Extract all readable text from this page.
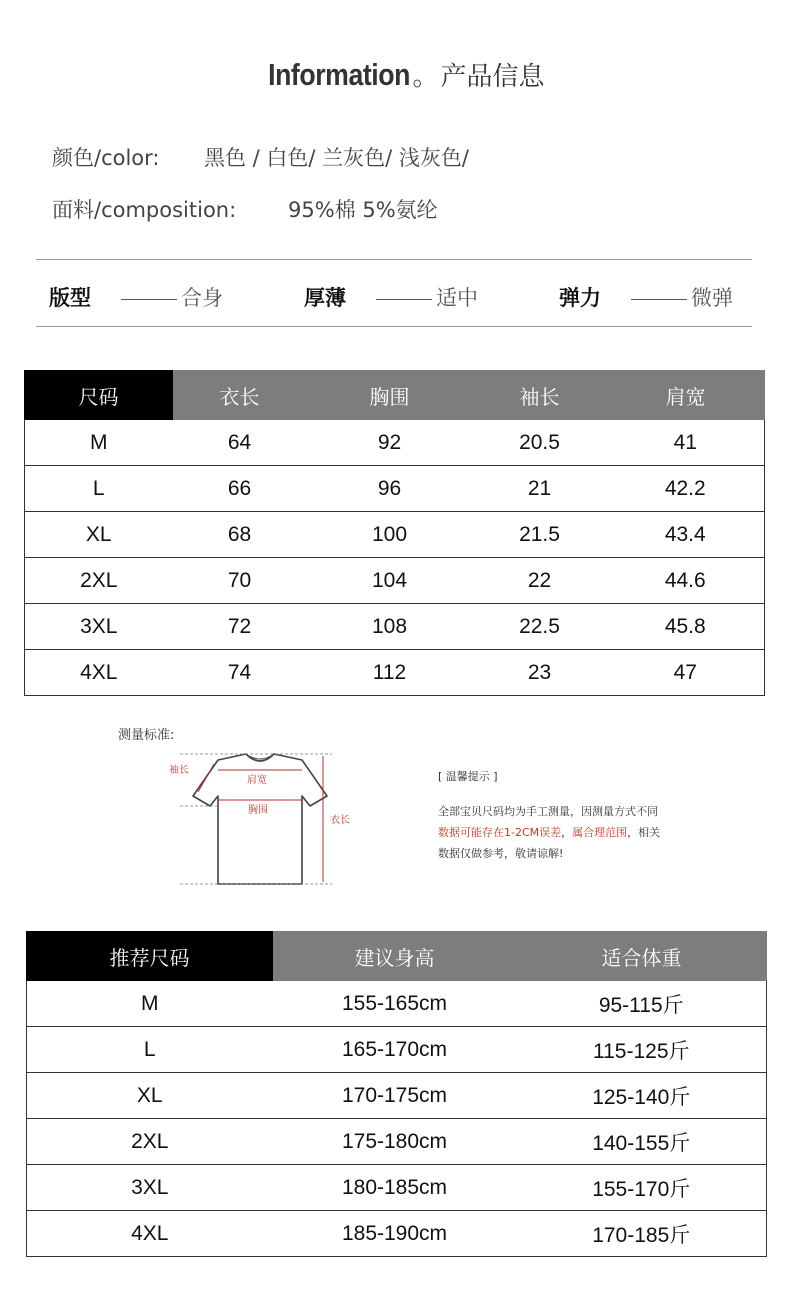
Information。产品信息
颜色/color: 黑色 / 白色/ 兰灰色/ 浅灰色/
面料/composition: 95%棉 5%氨纶
版型	合身	厚薄	适中	弹力	微弹
尺码	衣长	胸围	袖长	肩宽
M	64	92	20.5	41
L	66	96	21	42.2
XL	68	100	21.5	43.4
2XL	70	104	22	44.6
3XL	72	108	22.5	45.8
4XL	74	112	23	47
测量标准:
肩宽
胸围
袖长
衣长
[ 温馨提示 ]
全部宝贝尺码均为手工测量，因测量方式不同
数据可能存在1-2CM误差，属合理范围，相关
数据仅做参考，敬请谅解!
推荐尺码	建议身高	适合体重
M	155-165cm	95-115斤
L	165-170cm	115-125斤
XL	170-175cm	125-140斤
2XL	175-180cm	140-155斤
3XL	180-185cm	155-170斤
4XL	185-190cm	170-185斤
